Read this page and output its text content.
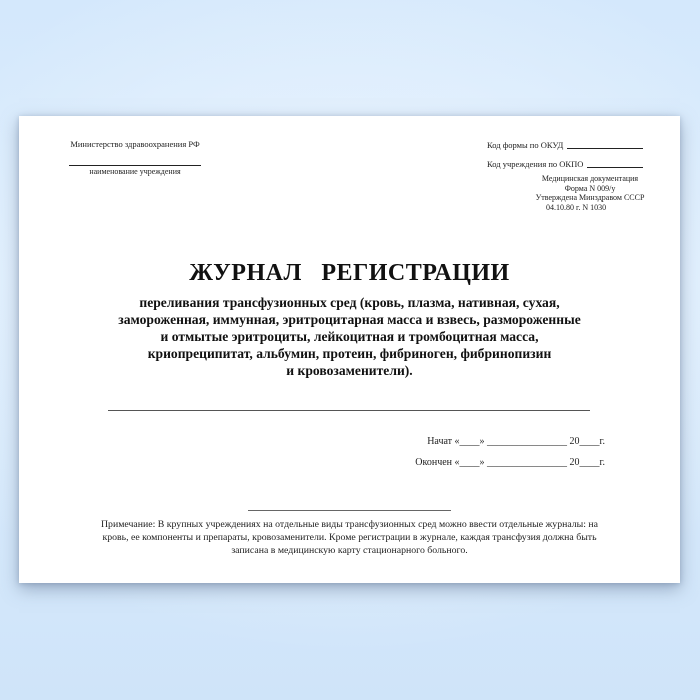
Министерство здравоохранения РФ
наименование учреждения
Код формы по ОКУД
Код учреждения по ОКПО
Медицинская документация
Форма N 009/у
Утверждена Минздравом СССР
04.10.80 г. N 1030
ЖУРНАЛ РЕГИСТРАЦИИ
переливания трансфузионных сред (кровь, плазма, нативная, сухая,
замороженная, иммунная, эритроцитарная масса и взвесь, размороженные
и отмытые эритроциты, лейкоцитная и тромбоцитная масса,
криопреципитат, альбумин, протеин, фибриноген, фибринопизин
и кровозаменители).
Начат «____» ________________ 20____г.
Окончен «____» ________________ 20____г.
Примечание: В крупных учреждениях на отдельные виды трансфузионных сред можно ввести отдельные журналы: на
кровь, ее компоненты и препараты, кровозаменители. Кроме регистрации в журнале, каждая трансфузия должна быть
записана в медицинскую карту стационарного больного.
